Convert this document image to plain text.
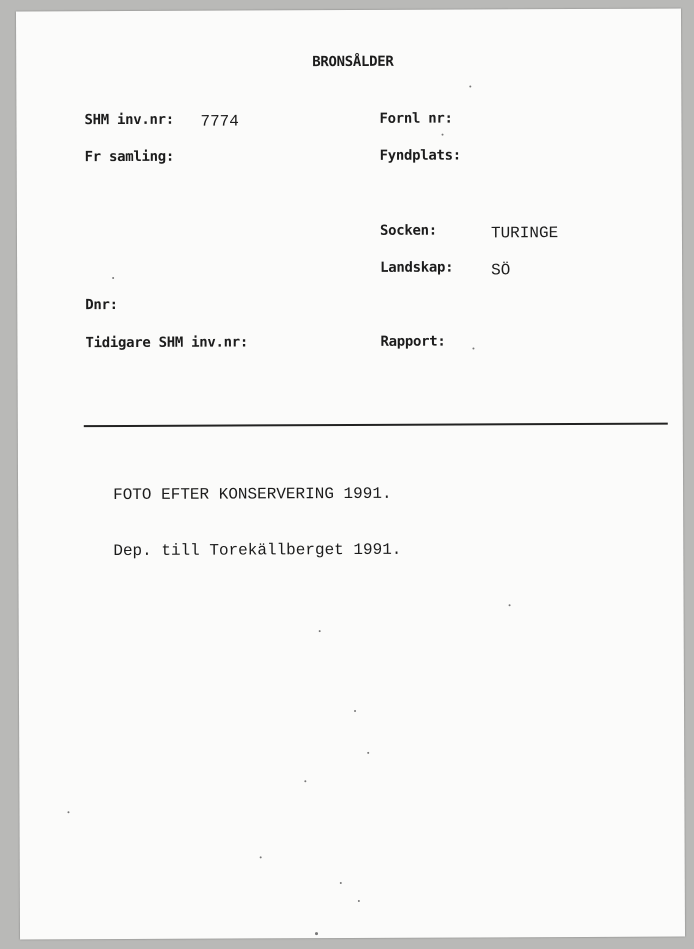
BRONSÅLDER
SHM inv.nr: 7774
Fr samling:
Dnr:
Tidigare SHM inv.nr:
Fornl nr:
Fyndplats:
Socken:	TURINGE
Landskap: SÖ
Rapport:
FOTO EFTER KONSERVERING 1991.
Dep. till Torekällberget 1991.
